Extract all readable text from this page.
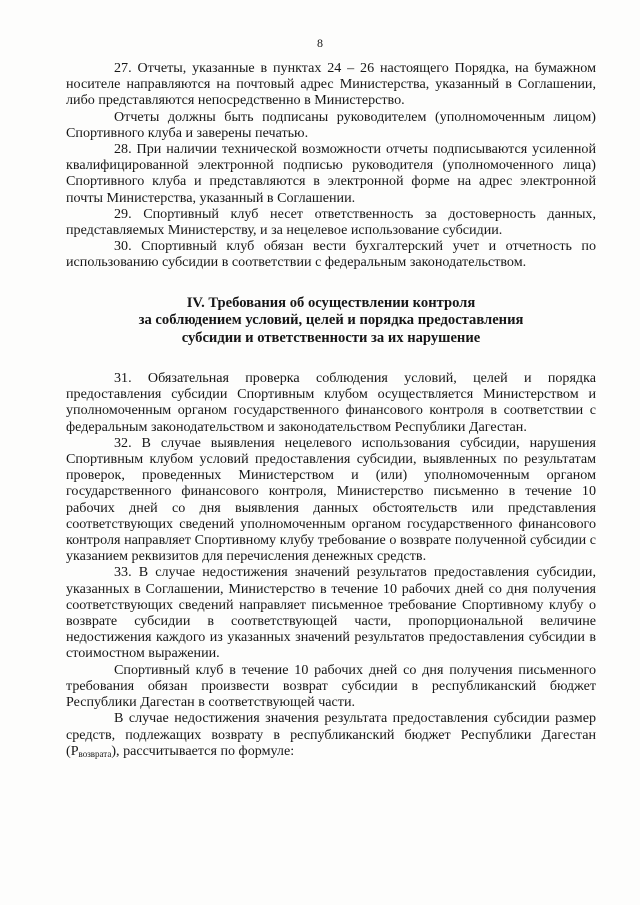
8

27. Отчеты, указанные в пунктах 24 – 26 настоящего Порядка, на бумажном носителе направляются на почтовый адрес Министерства, указанный в Соглашении, либо представляются непосредственно в Министерство.

Отчеты должны быть подписаны руководителем (уполномоченным лицом) Спортивного клуба и заверены печатью.

28. При наличии технической возможности отчеты подписываются усиленной квалифицированной электронной подписью руководителя (уполномоченного лица) Спортивного клуба и представляются в электронной форме на адрес электронной почты Министерства, указанный в Соглашении.

29. Спортивный клуб несет ответственность за достоверность данных, представляемых Министерству, и за нецелевое использование субсидии.

30. Спортивный клуб обязан вести бухгалтерский учет и отчетность по использованию субсидии в соответствии с федеральным законодательством.

IV. Требования об осуществлении контроля
за соблюдением условий, целей и порядка предоставления
субсидии и ответственности за их нарушение

31. Обязательная проверка соблюдения условий, целей и порядка предоставления субсидии Спортивным клубом осуществляется Министерством и уполномоченным органом государственного финансового контроля в соответствии с федеральным законодательством и законодательством Республики Дагестан.

32. В случае выявления нецелевого использования субсидии, нарушения Спортивным клубом условий предоставления субсидии, выявленных по результатам проверок, проведенных Министерством и (или) уполномоченным органом государственного финансового контроля, Министерство письменно в течение 10 рабочих дней со дня выявления данных обстоятельств или представления соответствующих сведений уполномоченным органом государственного финансового контроля направляет Спортивному клубу требование о возврате полученной субсидии с указанием реквизитов для перечисления денежных средств.

33. В случае недостижения значений результатов предоставления субсидии, указанных в Соглашении, Министерство в течение 10 рабочих дней со дня получения соответствующих сведений направляет письменное требование Спортивному клубу о возврате субсидии в соответствующей части, пропорциональной величине недостижения каждого из указанных значений результатов предоставления субсидии в стоимостном выражении.

Спортивный клуб в течение 10 рабочих дней со дня получения письменного требования обязан произвести возврат субсидии в республиканский бюджет Республики Дагестан в соответствующей части.

В случае недостижения значения результата предоставления субсидии размер средств, подлежащих возврату в республиканский бюджет Республики Дагестан $(Р_{возврата})$, рассчитывается по формуле:
